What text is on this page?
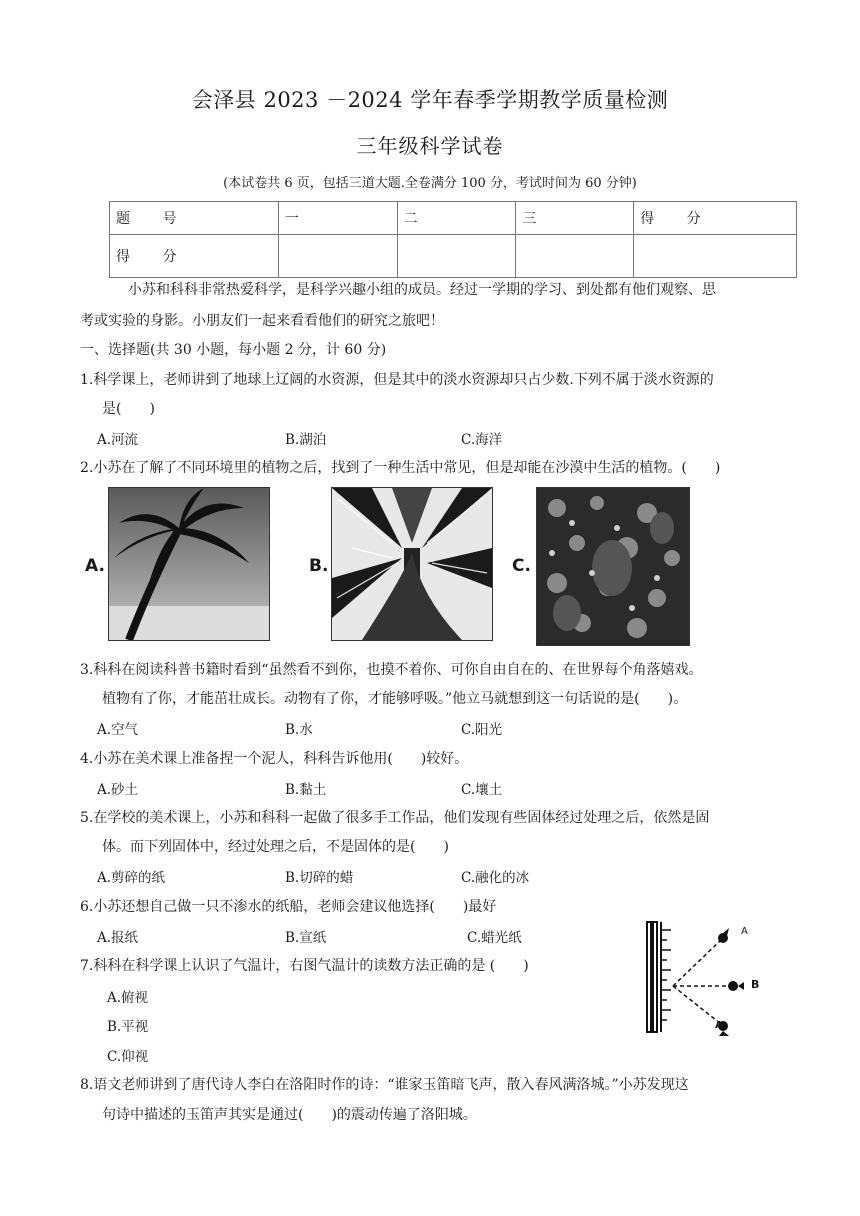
会泽县 2023 －2024 学年春季学期教学质量检测
三年级科学试卷
(本试卷共 6 页，包括三道大题.全卷满分 100 分，考试时间为 60 分钟)
题 号	一	二	三	得 分
得 分				
小苏和科科非常热爱科学，是科学兴趣小组的成员。经过一学期的学习、到处都有他们观察、思
考或实验的身影。小朋友们一起来看看他们的研究之旅吧！
一、选择题(共 30 小题，每小题 2 分，计 60 分)
1.科学课上，老师讲到了地球上辽阔的水资源，但是其中的淡水资源却只占少数.下列不属于淡水资源的
是(　　)
A.河流	B.湖泊	C.海洋
2.小苏在了解了不同环境里的植物之后，找到了一种生活中常见，但是却能在沙漠中生活的植物。(　　)
A.	B.	C.
3.科科在阅读科普书籍时看到“虽然看不到你，也摸不着你、可你自由自在的、在世界每个角落嬉戏。
植物有了你，才能茁壮成长。动物有了你，才能够呼吸。”他立马就想到这一句话说的是(　　)。
A.空气	B.水	C.阳光
4.小苏在美术课上准备捏一个泥人，科科告诉他用(　　)较好。
A.砂土	B.黏土	C.壤土
5.在学校的美术课上，小苏和科科一起做了很多手工作品，他们发现有些固体经过处理之后，依然是固
体。而下列固体中，经过处理之后，不是固体的是(　　)
A.剪碎的纸	B.切碎的蜡	C.融化的冰
6.小苏还想自己做一只不渗水的纸船，老师会建议他选择(　　)最好
A.报纸	B.宣纸	C.蜡光纸
7.科科在科学课上认识了气温计，右图气温计的读数方法正确的是 (　　)
A.俯视
B.平视
C.仰视
A
B
A
8.语文老师讲到了唐代诗人李白在洛阳时作的诗：“谁家玉笛暗飞声，散入春风满洛城。”小苏发现这
句诗中描述的玉笛声其实是通过(　　)的震动传遍了洛阳城。
